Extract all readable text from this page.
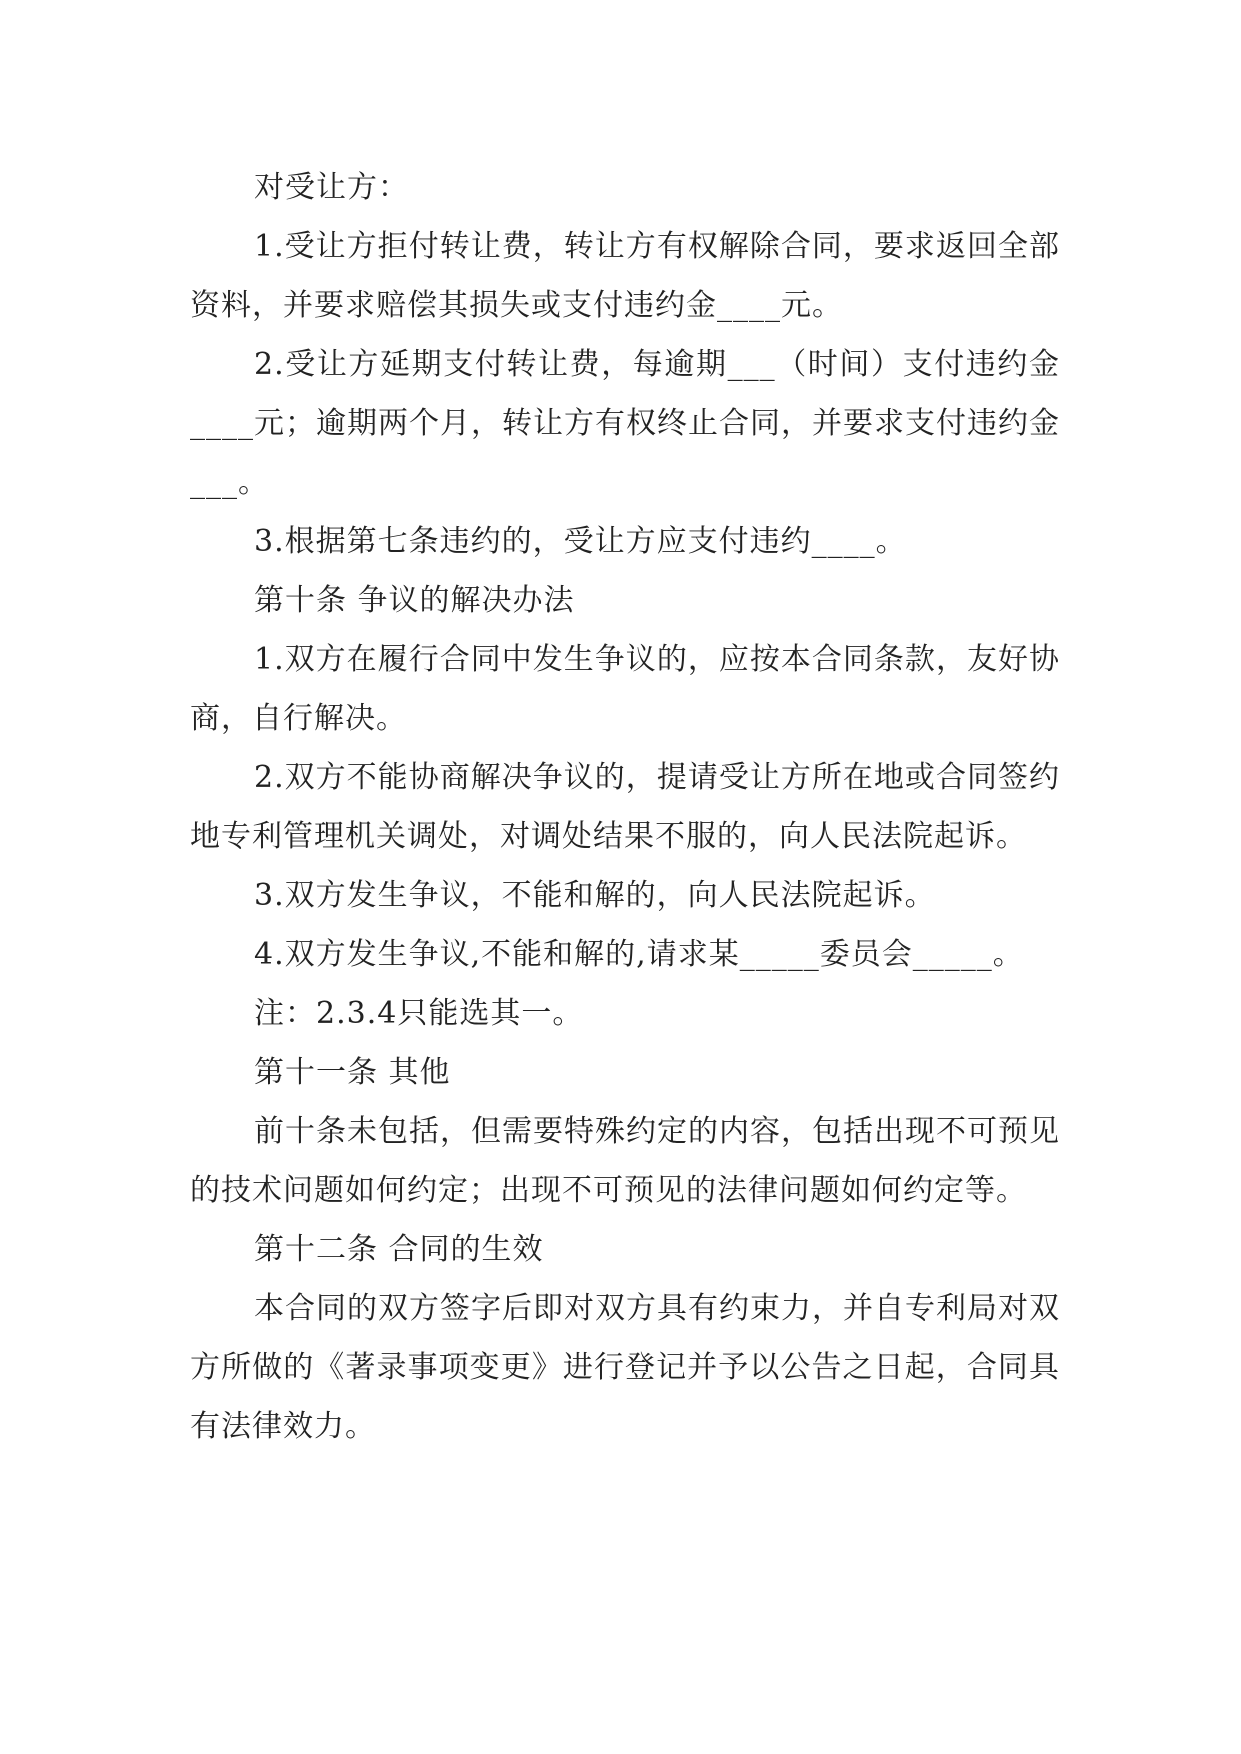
对受让方：

1.受让方拒付转让费，转让方有权解除合同，要求返回全部资料，并要求赔偿其损失或支付违约金____元。

2.受让方延期支付转让费，每逾期___（时间）支付违约金____元；逾期两个月，转让方有权终止合同，并要求支付违约金___。

3.根据第七条违约的，受让方应支付违约____。

第十条 争议的解决办法

1.双方在履行合同中发生争议的，应按本合同条款，友好协商，自行解决。

2.双方不能协商解决争议的，提请受让方所在地或合同签约地专利管理机关调处，对调处结果不服的，向人民法院起诉。

3.双方发生争议，不能和解的，向人民法院起诉。

4.双方发生争议,不能和解的,请求某_____委员会_____。

注：2.3.4只能选其一。

第十一条 其他

前十条未包括，但需要特殊约定的内容，包括出现不可预见的技术问题如何约定；出现不可预见的法律问题如何约定等。

第十二条 合同的生效

本合同的双方签字后即对双方具有约束力，并自专利局对双方所做的《著录事项变更》进行登记并予以公告之日起，合同具有法律效力。
